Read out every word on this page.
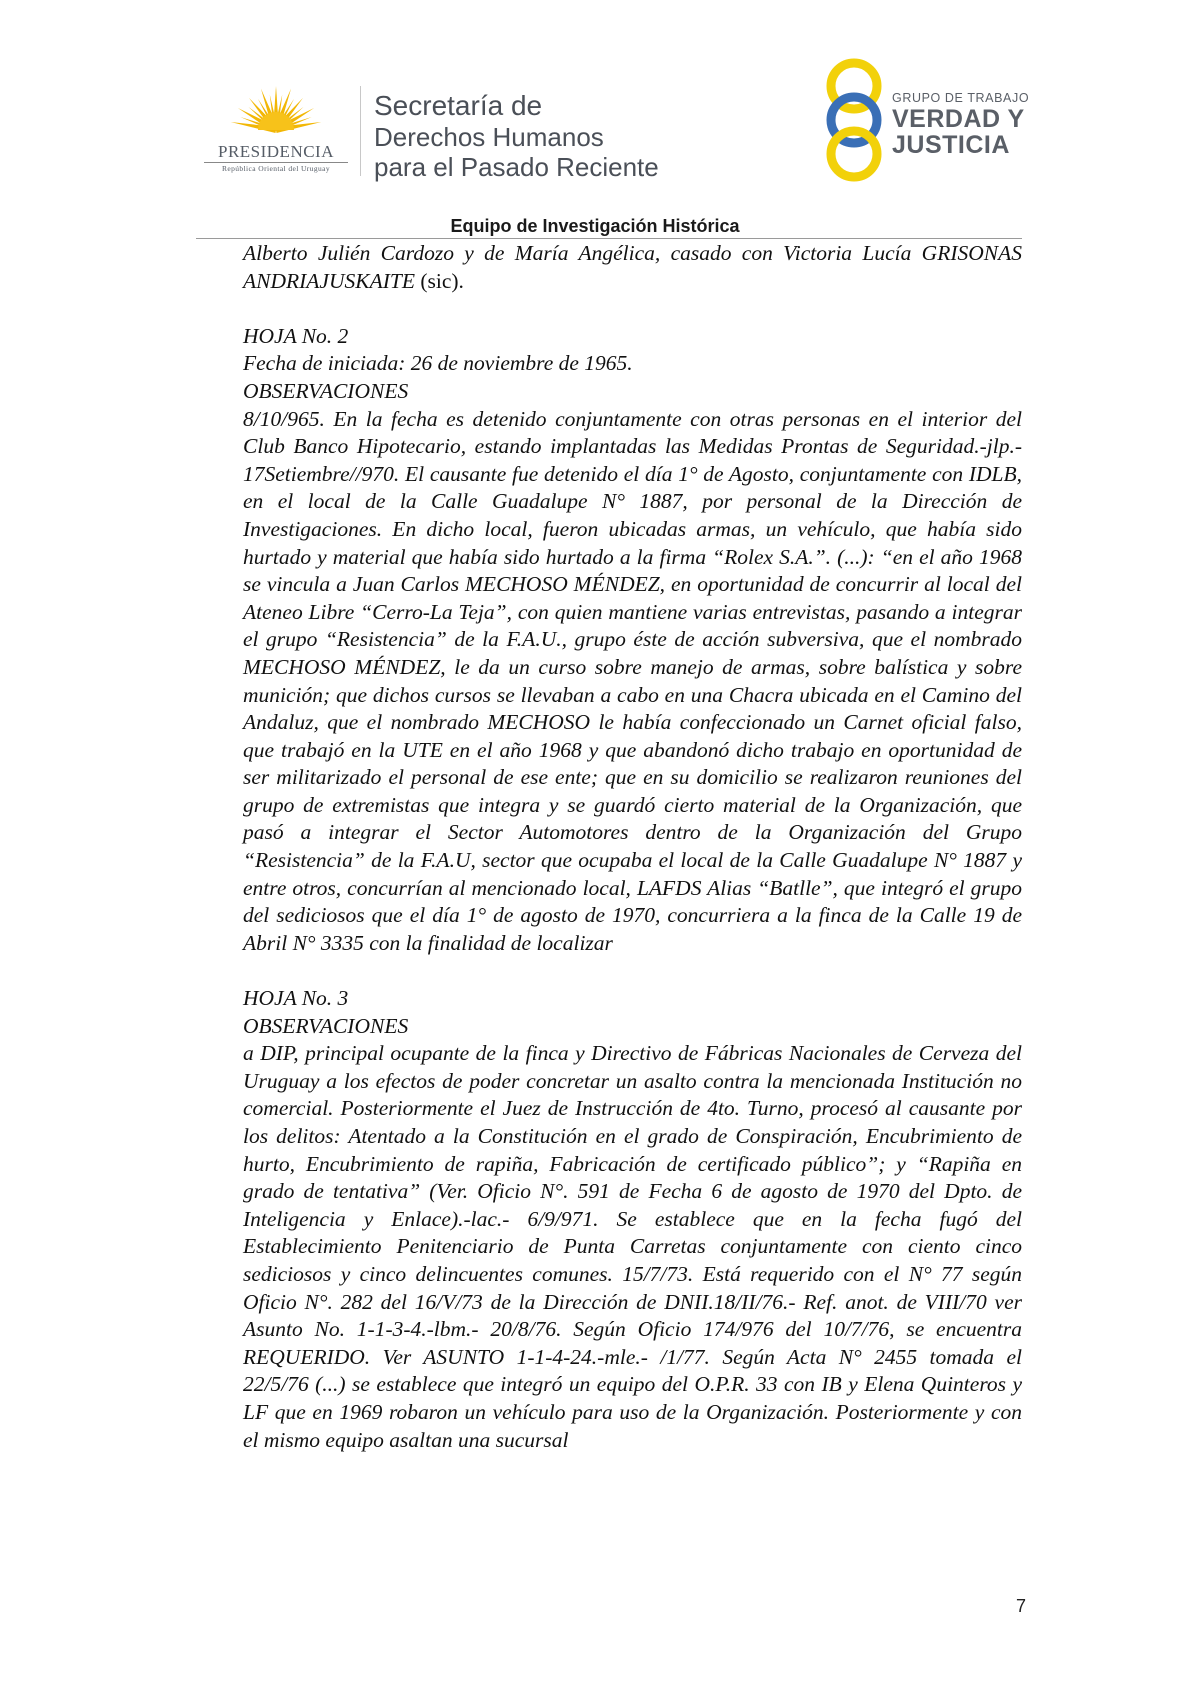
PRESIDENCIA
República Oriental del Uruguay
Secretaría de
Derechos Humanos
para el Pasado Reciente
GRUPO DE TRABAJO
VERDAD Y
JUSTICIA
Equipo de Investigación Histórica

Alberto Julién Cardozo y de María Angélica, casado con Victoria Lucía GRISONAS ANDRIAJUSKAITE (sic).

HOJA No. 2

Fecha de iniciada: 26 de noviembre de 1965.

OBSERVACIONES

8/10/965. En la fecha es detenido conjuntamente con otras personas en el interior del Club Banco Hipotecario, estando implantadas las Medidas Prontas de Seguridad.-jlp.- 17Setiembre//970. El causante fue detenido el día 1° de Agosto, conjuntamente con IDLB, en el local de la Calle Guadalupe N° 1887, por personal de la Dirección de Investigaciones. En dicho local, fueron ubicadas armas, un vehículo, que había sido hurtado y material que había sido hurtado a la firma “Rolex S.A.”. (...): “en el año 1968 se vincula a Juan Carlos MECHOSO MÉNDEZ, en oportunidad de concurrir al local del Ateneo Libre “Cerro-La Teja”, con quien mantiene varias entrevistas, pasando a integrar el grupo “Resistencia” de la F.A.U., grupo éste de acción subversiva, que el nombrado MECHOSO MÉNDEZ, le da un curso sobre manejo de armas, sobre balística y sobre munición; que dichos cursos se llevaban a cabo en una Chacra ubicada en el Camino del Andaluz, que el nombrado MECHOSO le había confeccionado un Carnet oficial falso, que trabajó en la UTE en el año 1968 y que abandonó dicho trabajo en oportunidad de ser militarizado el personal de ese ente; que en su domicilio se realizaron reuniones del grupo de extremistas que integra y se guardó cierto material de la Organización, que pasó a integrar el Sector Automotores dentro de la Organización del Grupo “Resistencia” de la F.A.U, sector que ocupaba el local de la Calle Guadalupe N° 1887 y entre otros, concurrían al mencionado local, LAFDS Alias “Batlle”, que integró el grupo del sediciosos que el día 1° de agosto de 1970, concurriera a la finca de la Calle 19 de Abril N° 3335 con la finalidad de localizar

HOJA No. 3

OBSERVACIONES

a DIP, principal ocupante de la finca y Directivo de Fábricas Nacionales de Cerveza del Uruguay a los efectos de poder concretar un asalto contra la mencionada Institución no comercial. Posteriormente el Juez de Instrucción de 4to. Turno, procesó al causante por los delitos: Atentado a la Constitución en el grado de Conspiración, Encubrimiento de hurto, Encubrimiento de rapiña, Fabricación de certificado público”; y “Rapiña en grado de tentativa” (Ver. Oficio N°. 591 de Fecha 6 de agosto de 1970 del Dpto. de Inteligencia y Enlace).-lac.- 6/9/971. Se establece que en la fecha fugó del Establecimiento Penitenciario de Punta Carretas conjuntamente con ciento cinco sediciosos y cinco delincuentes comunes. 15/7/73. Está requerido con el N° 77 según Oficio N°. 282 del 16/V/73 de la Dirección de DNII.18/II/76.- Ref. anot. de VIII/70 ver Asunto No. 1-1-3-4.-lbm.- 20/8/76. Según Oficio 174/976 del 10/7/76, se encuentra REQUERIDO. Ver ASUNTO 1-1-4-24.-mle.- /1/77. Según Acta N° 2455 tomada el 22/5/76 (...) se establece que integró un equipo del O.P.R. 33 con IB y Elena Quinteros y LF que en 1969 robaron un vehículo para uso de la Organización. Posteriormente y con el mismo equipo asaltan una sucursal

7
